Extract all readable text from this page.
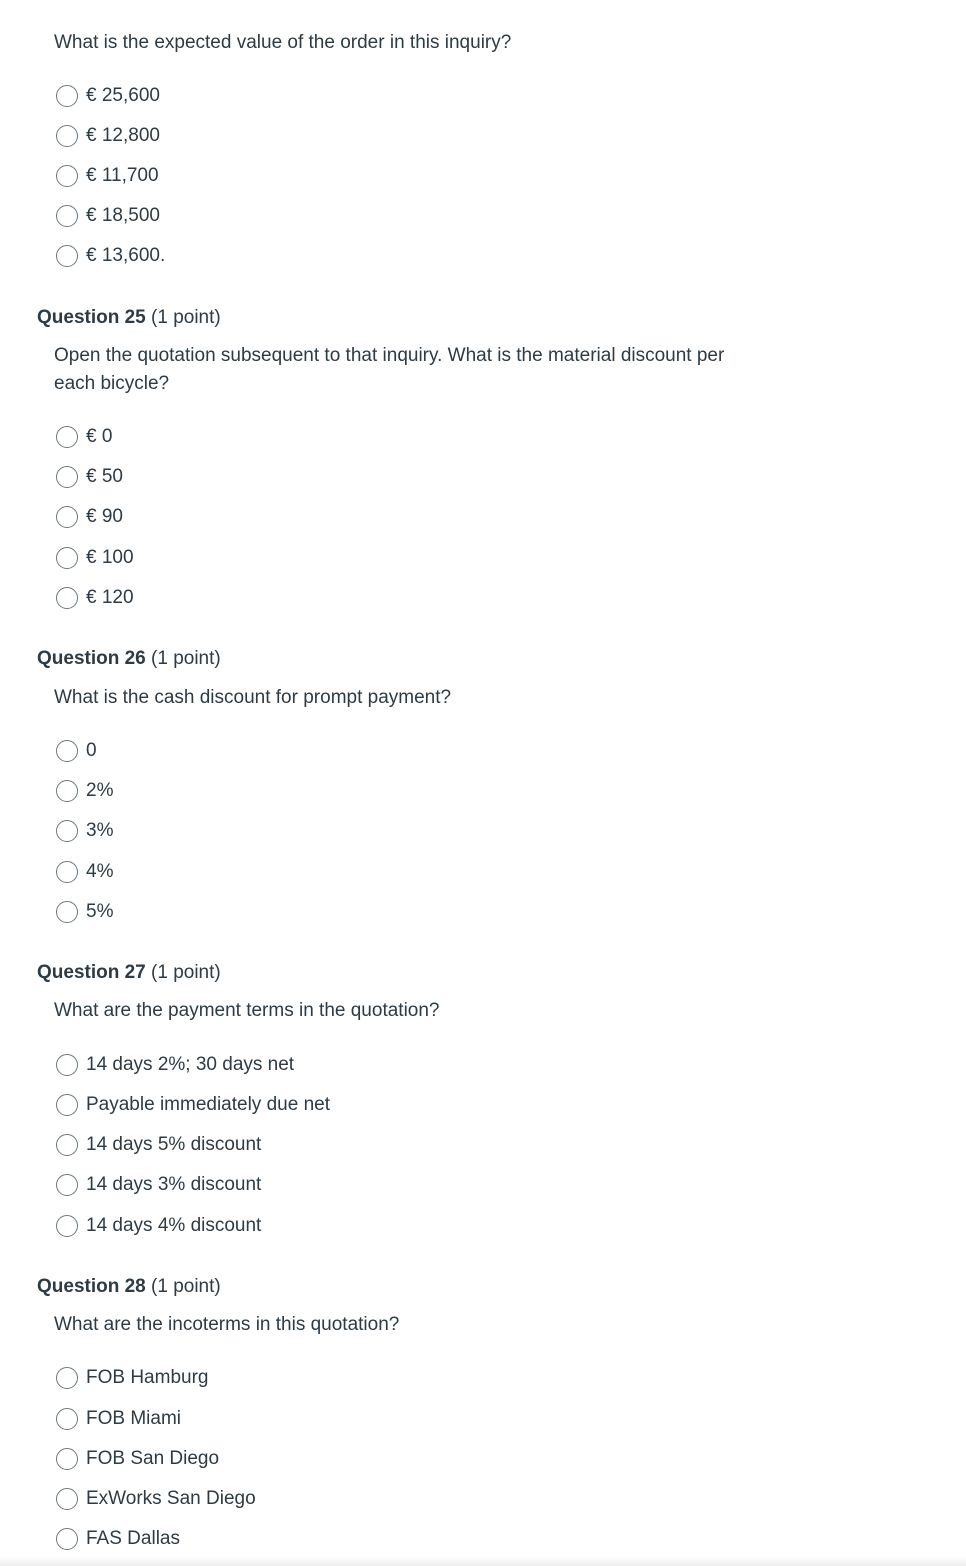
What is the expected value of the order in this inquiry?

€ 25,600
€ 12,800
€ 11,700
€ 18,500
€ 13,600.
Question 25 (1 point)

Open the quotation subsequent to that inquiry. What is the material discount per each bicycle?

€ 0
€ 50
€ 90
€ 100
€ 120
Question 26 (1 point)

What is the cash discount for prompt payment?

0
2%
3%
4%
5%
Question 27 (1 point)

What are the payment terms in the quotation?

14 days 2%; 30 days net
Payable immediately due net
14 days 5% discount
14 days 3% discount
14 days 4% discount
Question 28 (1 point)

What are the incoterms in this quotation?

FOB Hamburg
FOB Miami
FOB San Diego
ExWorks San Diego
FAS Dallas
